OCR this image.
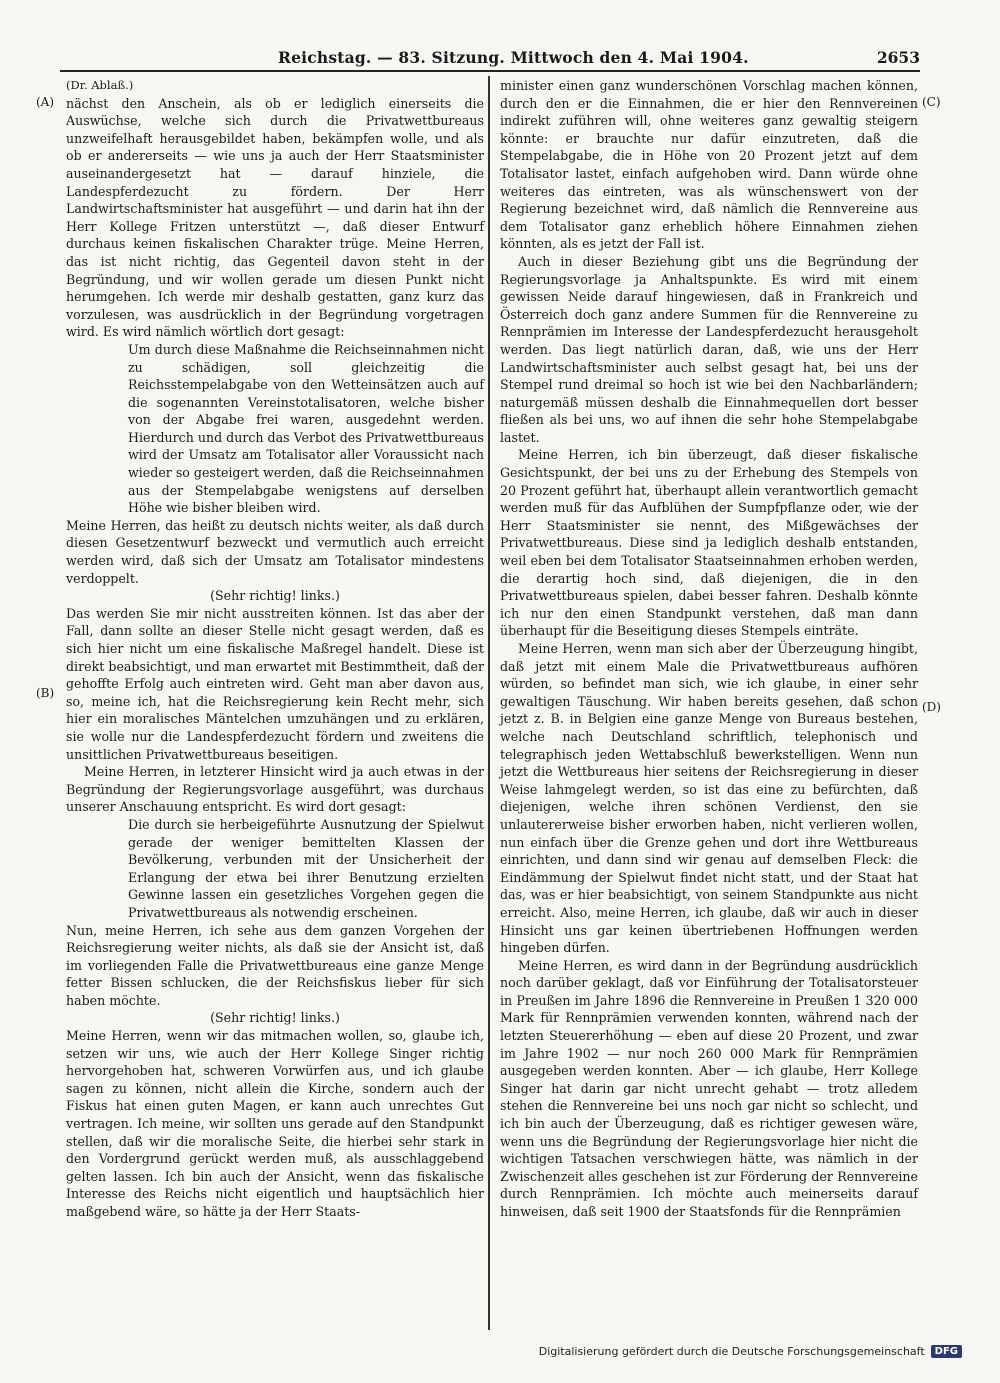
Reichstag. — 83. Sitzung. Mittwoch den 4. Mai 1904.	2653
(A)
(B)
(C)
(D)

(Dr. Ablaß.)

nächst den Anschein, als ob er lediglich einerseits die Auswüchse, welche sich durch die Privatwettbureaus unzweifelhaft herausgebildet haben, bekämpfen wolle, und als ob er andererseits — wie uns ja auch der Herr Staatsminister auseinandergesetzt hat — darauf hinziele, die Landespferdezucht zu fördern. Der Herr Landwirtschaftsminister hat ausgeführt — und darin hat ihn der Herr Kollege Fritzen unterstützt —, daß dieser Entwurf durchaus keinen fiskalischen Charakter trüge. Meine Herren, das ist nicht richtig, das Gegenteil davon steht in der Begründung, und wir wollen gerade um diesen Punkt nicht herumgehen. Ich werde mir deshalb gestatten, ganz kurz das vorzulesen, was ausdrücklich in der Begründung vorgetragen wird. Es wird nämlich wörtlich dort gesagt:

Um durch diese Maßnahme die Reichseinnahmen nicht zu schädigen, soll gleichzeitig die Reichsstempelabgabe von den Wetteinsätzen auch auf die sogenannten Vereinstotalisatoren, welche bisher von der Abgabe frei waren, ausgedehnt werden. Hierdurch und durch das Verbot des Privatwettbureaus wird der Umsatz am Totalisator aller Voraussicht nach wieder so gesteigert werden, daß die Reichseinnahmen aus der Stempelabgabe wenigstens auf derselben Höhe wie bisher bleiben wird.

Meine Herren, das heißt zu deutsch nichts weiter, als daß durch diesen Gesetzentwurf bezweckt und vermutlich auch erreicht werden wird, daß sich der Umsatz am Totalisator mindestens verdoppelt.

(Sehr richtig! links.)

Das werden Sie mir nicht ausstreiten können. Ist das aber der Fall, dann sollte an dieser Stelle nicht gesagt werden, daß es sich hier nicht um eine fiskalische Maßregel handelt. Diese ist direkt beabsichtigt, und man erwartet mit Bestimmtheit, daß der gehoffte Erfolg auch eintreten wird. Geht man aber davon aus, so, meine ich, hat die Reichsregierung kein Recht mehr, sich hier ein moralisches Mäntelchen umzuhängen und zu erklären, sie wolle nur die Landespferdezucht fördern und zweitens die unsittlichen Privatwettbureaus beseitigen.

Meine Herren, in letzterer Hinsicht wird ja auch etwas in der Begründung der Regierungsvorlage ausgeführt, was durchaus unserer Anschauung entspricht. Es wird dort gesagt:

Die durch sie herbeigeführte Ausnutzung der Spielwut gerade der weniger bemittelten Klassen der Bevölkerung, verbunden mit der Unsicherheit der Erlangung der etwa bei ihrer Benutzung erzielten Gewinne lassen ein gesetzliches Vorgehen gegen die Privatwettbureaus als notwendig erscheinen.

Nun, meine Herren, ich sehe aus dem ganzen Vorgehen der Reichsregierung weiter nichts, als daß sie der Ansicht ist, daß im vorliegenden Falle die Privatwettbureaus eine ganze Menge fetter Bissen schlucken, die der Reichsfiskus lieber für sich haben möchte.

(Sehr richtig! links.)

Meine Herren, wenn wir das mitmachen wollen, so, glaube ich, setzen wir uns, wie auch der Herr Kollege Singer richtig hervorgehoben hat, schweren Vorwürfen aus, und ich glaube sagen zu können, nicht allein die Kirche, sondern auch der Fiskus hat einen guten Magen, er kann auch unrechtes Gut vertragen. Ich meine, wir sollten uns gerade auf den Standpunkt stellen, daß wir die moralische Seite, die hierbei sehr stark in den Vordergrund gerückt werden muß, als ausschlaggebend gelten lassen. Ich bin auch der Ansicht, wenn das fiskalische Interesse des Reichs nicht eigentlich und hauptsächlich hier maßgebend wäre, so hätte ja der Herr Staats-

minister einen ganz wunderschönen Vorschlag machen können, durch den er die Einnahmen, die er hier den Rennvereinen indirekt zuführen will, ohne weiteres ganz gewaltig steigern könnte: er brauchte nur dafür einzutreten, daß die Stempelabgabe, die in Höhe von 20 Prozent jetzt auf dem Totalisator lastet, einfach aufgehoben wird. Dann würde ohne weiteres das eintreten, was als wünschenswert von der Regierung bezeichnet wird, daß nämlich die Rennvereine aus dem Totalisator ganz erheblich höhere Einnahmen ziehen könnten, als es jetzt der Fall ist.

Auch in dieser Beziehung gibt uns die Begründung der Regierungsvorlage ja Anhaltspunkte. Es wird mit einem gewissen Neide darauf hingewiesen, daß in Frankreich und Österreich doch ganz andere Summen für die Rennvereine zu Rennprämien im Interesse der Landespferdezucht herausgeholt werden. Das liegt natürlich daran, daß, wie uns der Herr Landwirtschaftsminister auch selbst gesagt hat, bei uns der Stempel rund dreimal so hoch ist wie bei den Nachbarländern; naturgemäß müssen deshalb die Einnahmequellen dort besser fließen als bei uns, wo auf ihnen die sehr hohe Stempelabgabe lastet.

Meine Herren, ich bin überzeugt, daß dieser fiskalische Gesichtspunkt, der bei uns zu der Erhebung des Stempels von 20 Prozent geführt hat, überhaupt allein verantwortlich gemacht werden muß für das Aufblühen der Sumpfpflanze oder, wie der Herr Staatsminister sie nennt, des Mißgewächses der Privatwettbureaus. Diese sind ja lediglich deshalb entstanden, weil eben bei dem Totalisator Staatseinnahmen erhoben werden, die derartig hoch sind, daß diejenigen, die in den Privatwettbureaus spielen, dabei besser fahren. Deshalb könnte ich nur den einen Standpunkt verstehen, daß man dann überhaupt für die Beseitigung dieses Stempels einträte.

Meine Herren, wenn man sich aber der Überzeugung hingibt, daß jetzt mit einem Male die Privatwettbureaus aufhören würden, so befindet man sich, wie ich glaube, in einer sehr gewaltigen Täuschung. Wir haben bereits gesehen, daß schon jetzt z. B. in Belgien eine ganze Menge von Bureaus bestehen, welche nach Deutschland schriftlich, telephonisch und telegraphisch jeden Wettabschluß bewerkstelligen. Wenn nun jetzt die Wettbureaus hier seitens der Reichsregierung in dieser Weise lahmgelegt werden, so ist das eine zu befürchten, daß diejenigen, welche ihren schönen Verdienst, den sie unlautererweise bisher erworben haben, nicht verlieren wollen, nun einfach über die Grenze gehen und dort ihre Wettbureaus einrichten, und dann sind wir genau auf demselben Fleck: die Eindämmung der Spielwut findet nicht statt, und der Staat hat das, was er hier beabsichtigt, von seinem Standpunkte aus nicht erreicht. Also, meine Herren, ich glaube, daß wir auch in dieser Hinsicht uns gar keinen übertriebenen Hoffnungen werden hingeben dürfen.

Meine Herren, es wird dann in der Begründung ausdrücklich noch darüber geklagt, daß vor Einführung der Totalisatorsteuer in Preußen im Jahre 1896 die Rennvereine in Preußen 1 320 000 Mark für Rennprämien verwenden konnten, während nach der letzten Steuererhöhung — eben auf diese 20 Prozent, und zwar im Jahre 1902 — nur noch 260 000 Mark für Rennprämien ausgegeben werden konnten. Aber — ich glaube, Herr Kollege Singer hat darin gar nicht unrecht gehabt — trotz alledem stehen die Rennvereine bei uns noch gar nicht so schlecht, und ich bin auch der Überzeugung, daß es richtiger gewesen wäre, wenn uns die Begründung der Regierungsvorlage hier nicht die wichtigen Tatsachen verschwiegen hätte, was nämlich in der Zwischenzeit alles geschehen ist zur Förderung der Rennvereine durch Rennprämien. Ich möchte auch meinerseits darauf hinweisen, daß seit 1900 der Staatsfonds für die Rennprämien

Digitalisierung gefördert durch die Deutsche Forschungsgemeinschaft	DFG
